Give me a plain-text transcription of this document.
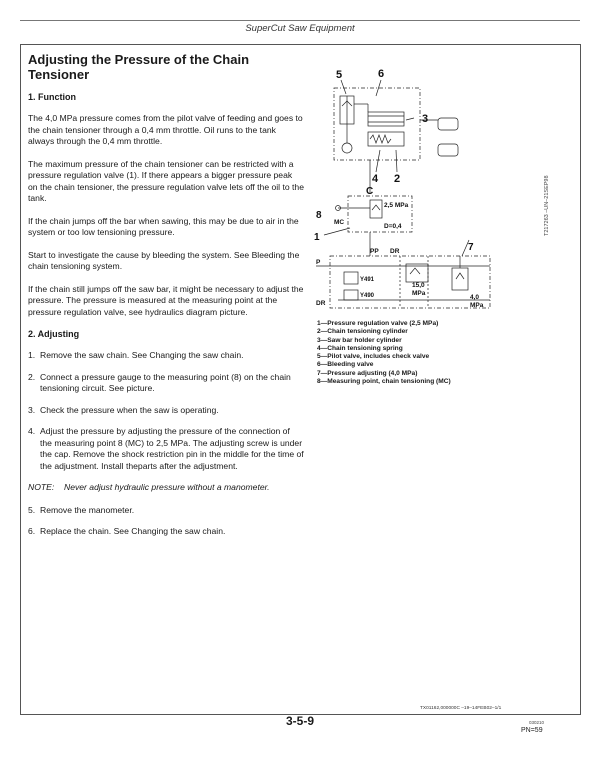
SuperCut Saw Equipment
Adjusting the Pressure of the Chain Tensioner
1. Function
The 4,0 MPa pressure comes from the pilot valve of feeding and goes to the chain tensioner through a 0,4 mm throttle. Oil runs to the tank always through the 0,4 mm throttle.
The maximum pressure of the chain tensioner can be restricted with a pressure regulation valve (1). If there appears a bigger pressure peak on the chain tensioner, the pressure regulation valve lets off the oil to the tank.
If the chain jumps off the bar when sawing, this may be due to air in the system or too low tensioning pressure.
Start to investigate the cause by bleeding the system. See Bleeding the chain tensioning system.
If the chain still jumps off the saw bar, it might be necessary to adjust the pressure. The pressure is measured at the measuring point at the pressure regulation valve, see hydraulics diagram picture.
2. Adjusting
1. Remove the saw chain. See Changing the saw chain.
2. Connect a pressure gauge to the measuring point (8) on the chain tensioning circuit. See picture.
3. Check the pressure when the saw is operating.
4. Adjust the pressure by adjusting the pressure of the connection of the measuring point 8 (MC) to 2,5 MPa. The adjusting screw is under the cap. Remove the shock restriction pin in the middle for the time of the adjustment. Install theparts after the adjustment.
NOTE:	Never adjust hydraulic pressure without a manometer.
5. Remove the manometer.
6. Replace the chain. See Changing the saw chain.
5	6
3
4 2
C
8
1
7
2,5 MPa
MC
D=0,4
PP DR
P
Y491
Y490
15,0
MPa
4,0
MPa
DR
T217263 –UN–21SEP98
1—Pressure regulation valve (2,5 MPa)
2—Chain tensioning cylinder
3—Saw bar holder cylinder
4—Chain tensioning spring
5—Pilot valve, includes check valve
6—Bleeding valve
7—Pressure adjusting (4,0 MPa)
8—Measuring point, chain tensioning (MC)
TX01162,000000C –19–14FEB02–1/1
3-5-9	030210
PN=59
